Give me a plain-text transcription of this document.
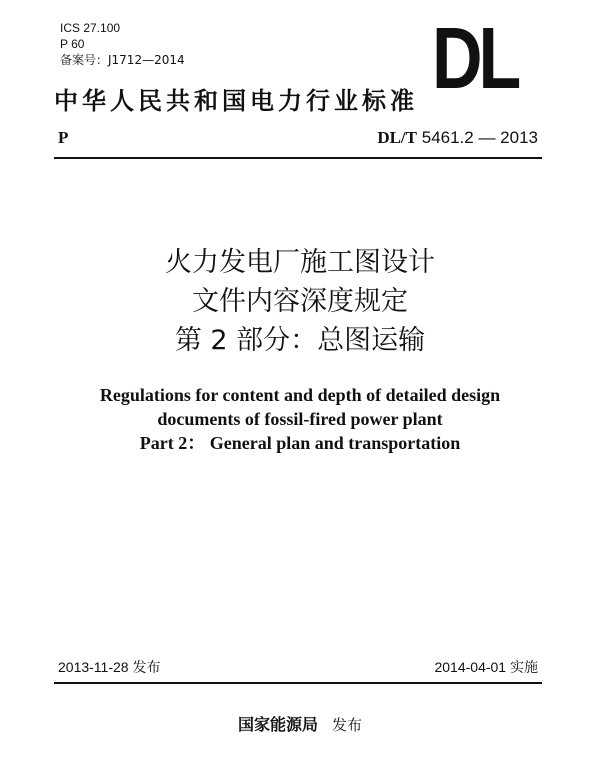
ICS 27.100
P 60
备案号：J1712—2014	DL
中华人民共和国电力行业标准
P	DL/T 5461.2 — 2013
火力发电厂施工图设计
文件内容深度规定
第 2 部分：总图运输
Regulations for content and depth of detailed design
documents of fossil-fired power plant
Part 2： General plan and transportation
2013-11-28 发布	2014-04-01 实施
国家能源局 发布
